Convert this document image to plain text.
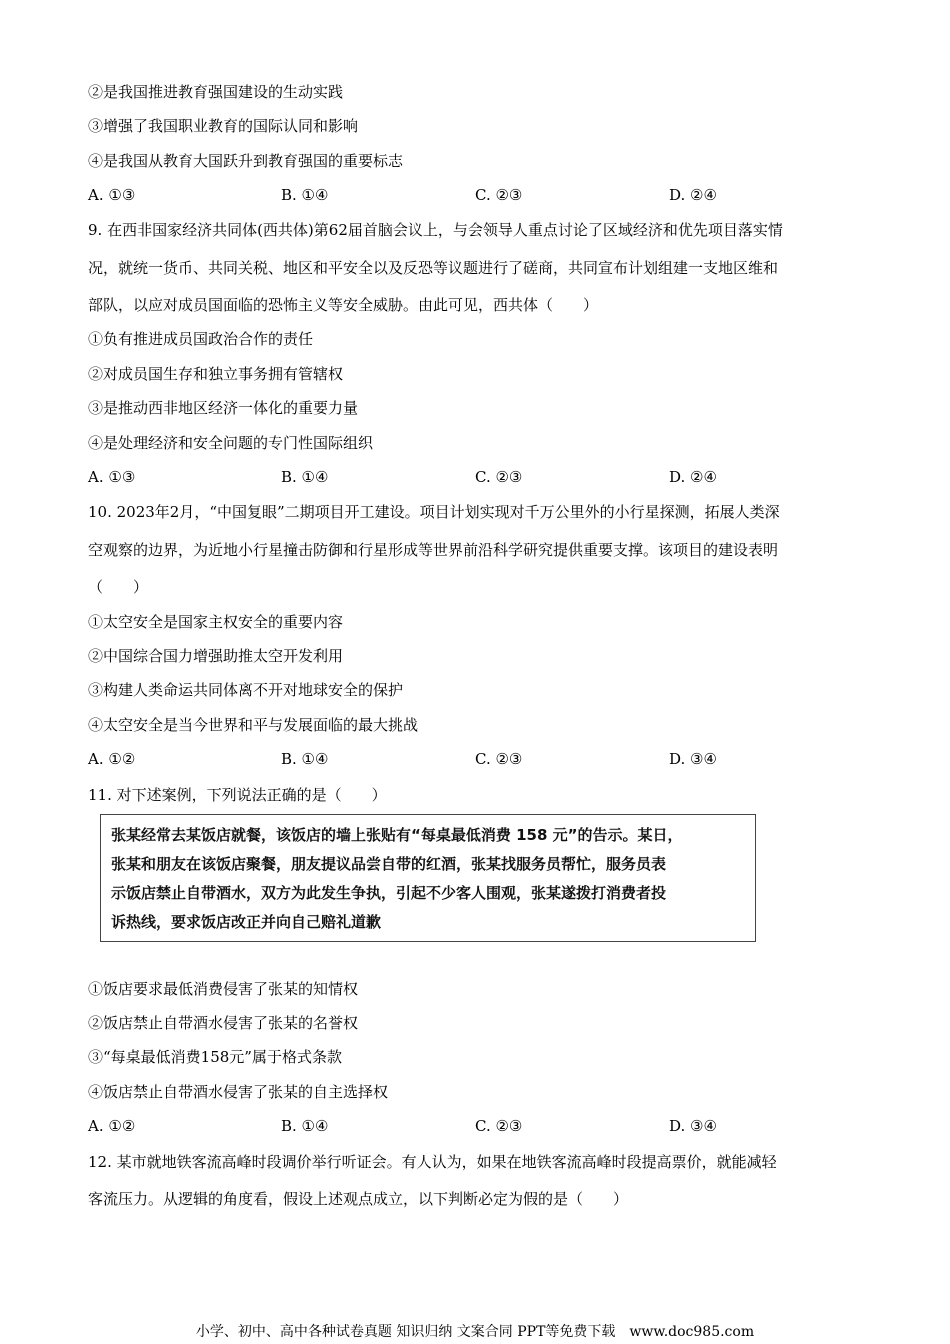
②是我国推进教育强国建设的生动实践
③增强了我国职业教育的国际认同和影响
④是我国从教育大国跃升到教育强国的重要标志
A. ①③	B. ①④	C. ②③	D. ②④
9. 在西非国家经济共同体(西共体)第62届首脑会议上，与会领导人重点讨论了区域经济和优先项目落实情
况，就统一货币、共同关税、地区和平安全以及反恐等议题进行了磋商，共同宣布计划组建一支地区维和
部队，以应对成员国面临的恐怖主义等安全威胁。由此可见，西共体（　　）
①负有推进成员国政治合作的责任
②对成员国生存和独立事务拥有管辖权
③是推动西非地区经济一体化的重要力量
④是处理经济和安全问题的专门性国际组织
A. ①③	B. ①④	C. ②③	D. ②④
10. 2023年2月，“中国复眼”二期项目开工建设。项目计划实现对千万公里外的小行星探测，拓展人类深
空观察的边界，为近地小行星撞击防御和行星形成等世界前沿科学研究提供重要支撑。该项目的建设表明
（　　）
①太空安全是国家主权安全的重要内容
②中国综合国力增强助推太空开发利用
③构建人类命运共同体离不开对地球安全的保护
④太空安全是当今世界和平与发展面临的最大挑战
A. ①②	B. ①④	C. ②③	D. ③④
11. 对下述案例，下列说法正确的是（　　）
张某经常去某饭店就餐，该饭店的墙上张贴有“每桌最低消费 158 元”的告示。某日，
张某和朋友在该饭店聚餐，朋友提议品尝自带的红酒，张某找服务员帮忙，服务员表
示饭店禁止自带酒水，双方为此发生争执，引起不少客人围观，张某遂拨打消费者投
诉热线，要求饭店改正并向自己赔礼道歉
①饭店要求最低消费侵害了张某的知情权
②饭店禁止自带酒水侵害了张某的名誉权
③“每桌最低消费158元”属于格式条款
④饭店禁止自带酒水侵害了张某的自主选择权
A. ①②	B. ①④	C. ②③	D. ③④
12. 某市就地铁客流高峰时段调价举行听证会。有人认为，如果在地铁客流高峰时段提高票价，就能减轻
客流压力。从逻辑的角度看，假设上述观点成立，以下判断必定为假的是（　　）
小学、初中、高中各种试卷真题 知识归纳 文案合同 PPT等免费下载　www.doc985.com
